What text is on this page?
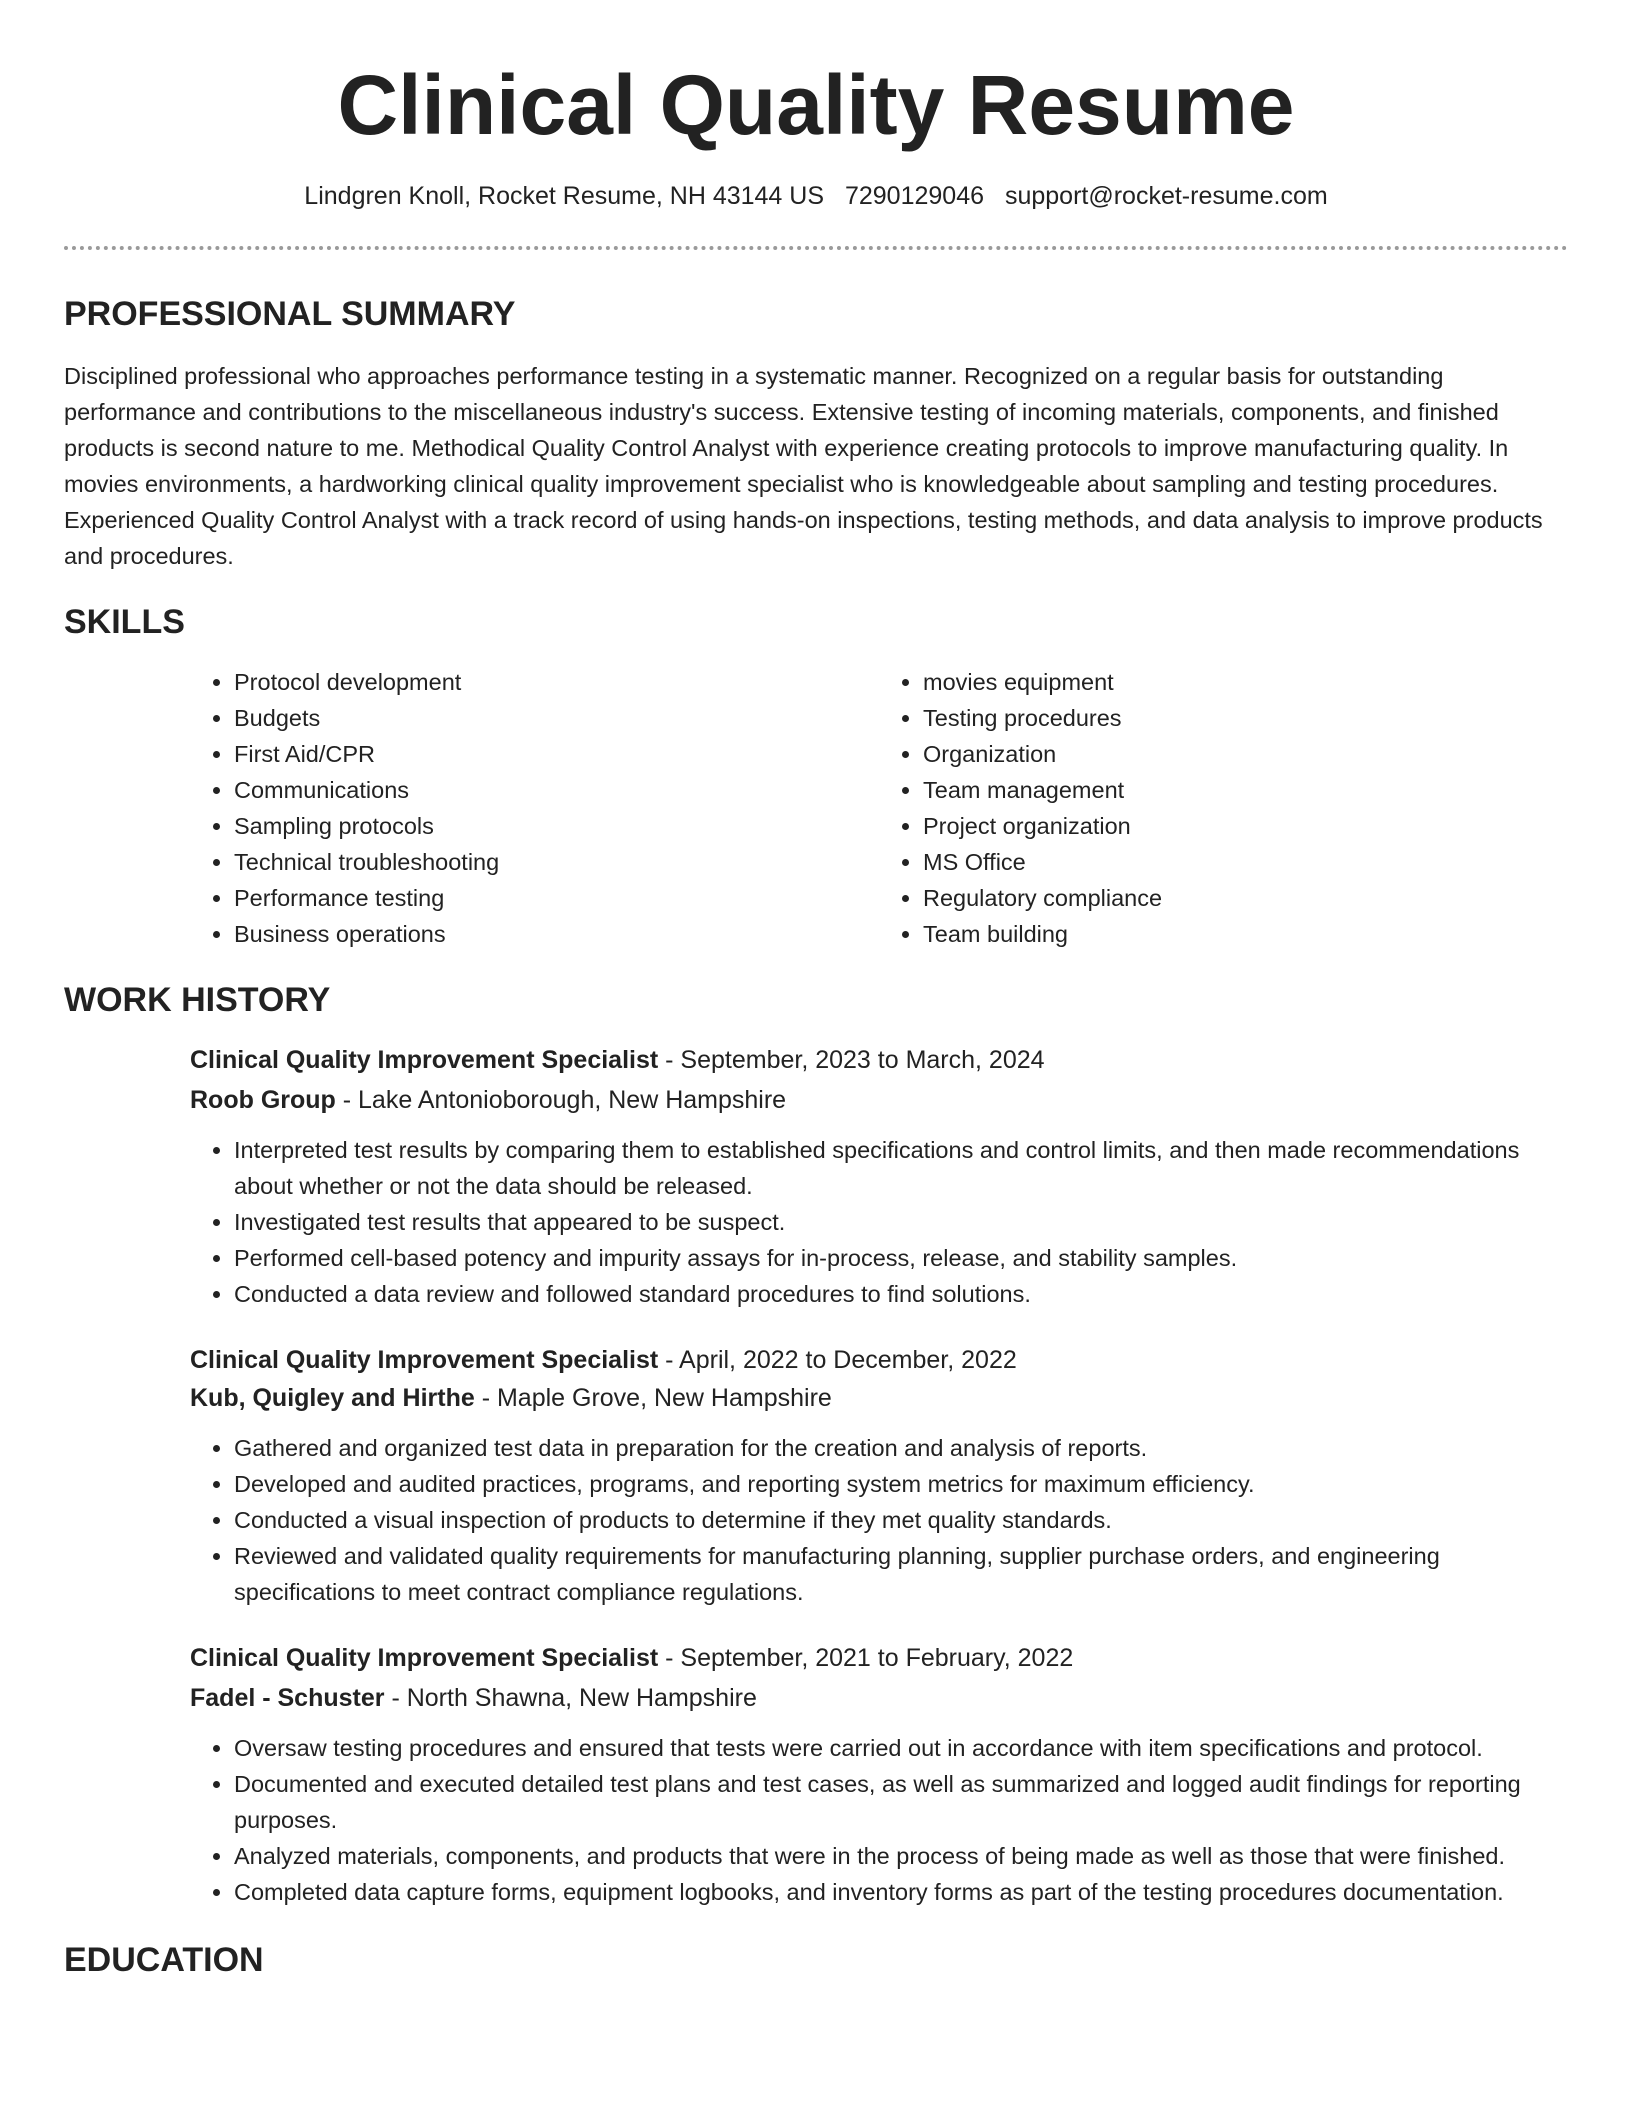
Clinical Quality Resume
Lindgren Knoll, Rocket Resume, NH 43144 US 7290129046 support@rocket-resume.com
PROFESSIONAL SUMMARY

Disciplined professional who approaches performance testing in a systematic manner. Recognized on a regular basis for outstanding performance and contributions to the miscellaneous industry's success. Extensive testing of incoming materials, components, and finished products is second nature to me. Methodical Quality Control Analyst with experience creating protocols to improve manufacturing quality. In movies environments, a hardworking clinical quality improvement specialist who is knowledgeable about sampling and testing procedures. Experienced Quality Control Analyst with a track record of using hands-on inspections, testing methods, and data analysis to improve products and procedures.

SKILLS
• Protocol development
• Budgets
• First Aid/CPR
• Communications
• Sampling protocols
• Technical troubleshooting
• Performance testing
• Business operations
• movies equipment
• Testing procedures
• Organization
• Team management
• Project organization
• MS Office
• Regulatory compliance
• Team building
WORK HISTORY

Clinical Quality Improvement Specialist - September, 2023 to March, 2024

Roob Group - Lake Antonioborough, New Hampshire

• Interpreted test results by comparing them to established specifications and control limits, and then made recommendations about whether or not the data should be released.
• Investigated test results that appeared to be suspect.
• Performed cell-based potency and impurity assays for in-process, release, and stability samples.
• Conducted a data review and followed standard procedures to find solutions.

Clinical Quality Improvement Specialist - April, 2022 to December, 2022

Kub, Quigley and Hirthe - Maple Grove, New Hampshire

• Gathered and organized test data in preparation for the creation and analysis of reports.
• Developed and audited practices, programs, and reporting system metrics for maximum efficiency.
• Conducted a visual inspection of products to determine if they met quality standards.
• Reviewed and validated quality requirements for manufacturing planning, supplier purchase orders, and engineering specifications to meet contract compliance regulations.

Clinical Quality Improvement Specialist - September, 2021 to February, 2022

Fadel - Schuster - North Shawna, New Hampshire

• Oversaw testing procedures and ensured that tests were carried out in accordance with item specifications and protocol.
• Documented and executed detailed test plans and test cases, as well as summarized and logged audit findings for reporting purposes.
• Analyzed materials, components, and products that were in the process of being made as well as those that were finished.
• Completed data capture forms, equipment logbooks, and inventory forms as part of the testing procedures documentation.
EDUCATION
